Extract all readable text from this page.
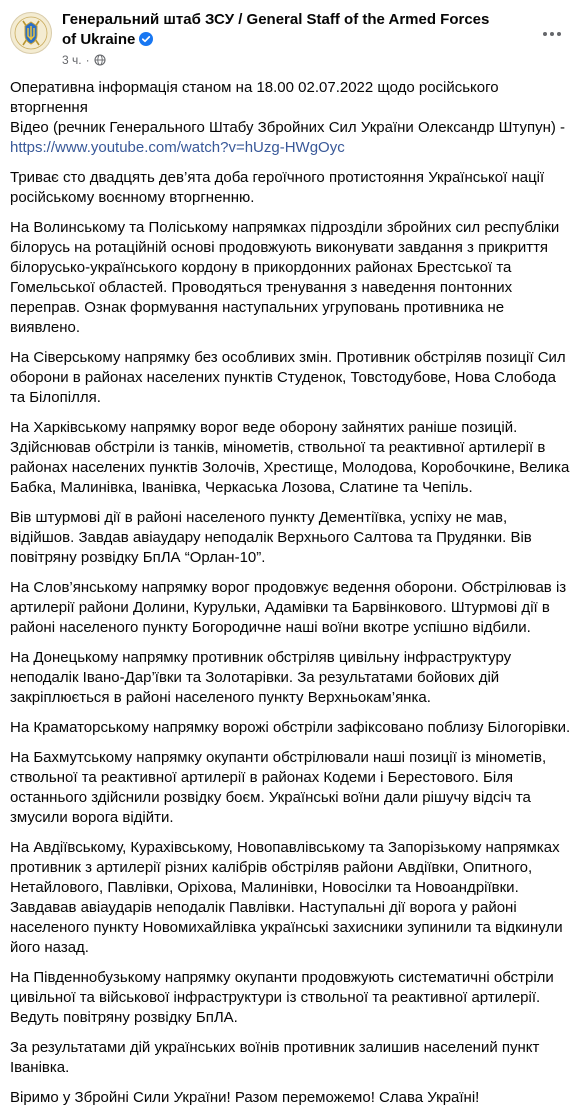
Генеральний штаб ЗСУ / General Staff of the Armed Forces of Ukraine
3 ч. ·

Оперативна інформація станом на 18.00 02.07.2022 щодо російського вторгнення

Відео (речник Генерального Штабу Збройних Сил України Олександр Штупун) -

https://www.youtube.com/watch?v=hUzg-HWgOyc

Триває сто двадцять дев’ята доба героїчного протистояння Української нації російському воєнному вторгненню.

На Волинському та Поліському напрямках підрозділи збройних сил республіки білорусь на ротаційній основі продовжують виконувати завдання з прикриття білорусько-українського кордону в прикордонних районах Брестської та Гомельської областей. Проводяться тренування з наведення понтонних переправ. Ознак формування наступальних угруповань противника не виявлено.

На Сіверському напрямку без особливих змін. Противник обстріляв позиції Сил оборони в районах населених пунктів Студенок, Товстодубове, Нова Слобода та Білопілля.

На Харківському напрямку ворог веде оборону зайнятих раніше позицій. Здійснював обстріли із танків, мінометів, ствольної та реактивної артилерії в районах населених пунктів Золочів, Хрестище, Молодова, Коробочкине, Велика Бабка, Малинівка, Іванівка, Черкаська Лозова, Слатине та Чепіль.

Вів штурмові дії в районі населеного пункту Дементіївка, успіху не мав, відійшов. Завдав авіаудару неподалік Верхнього Салтова та Прудянки. Вів повітряну розвідку БпЛА “Орлан-10”.

На Слов’янському напрямку ворог продовжує ведення оборони. Обстрілював із артилерії райони Долини, Курульки, Адамівки та Барвінкового. Штурмові дії в районі населеного пункту Богородичне наші воїни вкотре успішно відбили.

На Донецькому напрямку противник обстріляв цивільну інфраструктуру неподалік Івано-Дар’ївки та Золотарівки. За результатами бойових дій закріплюється в районі населеного пункту Верхньокам’янка.

На Краматорському напрямку ворожі обстріли зафіксовано поблизу Білогорівки.

На Бахмутському напрямку окупанти обстрілювали наші позиції із мінометів, ствольної та реактивної артилерії в районах Кодеми і Берестового. Біля останнього здійснили розвідку боєм. Українські воїни дали рішучу відсіч та змусили ворога відійти.

На Авдіївському, Курахівському, Новопавлівському та Запорізькому напрямках противник з артилерії різних калібрів обстріляв райони Авдіївки, Опитного, Нетайлового, Павлівки, Оріхова, Малинівки, Новосілки та Новоандріївки. Завдавав авіаударів неподалік Павлівки. Наступальні дії ворога у районі населеного пункту Новомихайлівка українські захисники зупинили та відкинули його назад.

На Південнобузькому напрямку окупанти продовжують систематичні обстріли цивільної та військової інфраструктури із ствольної та реактивної артилерії. Ведуть повітряну розвідку БпЛА.

За результатами дій українських воїнів противник залишив населений пункт Іванівка.

Віримо у Збройні Сили України! Разом переможемо! Слава Україні!
